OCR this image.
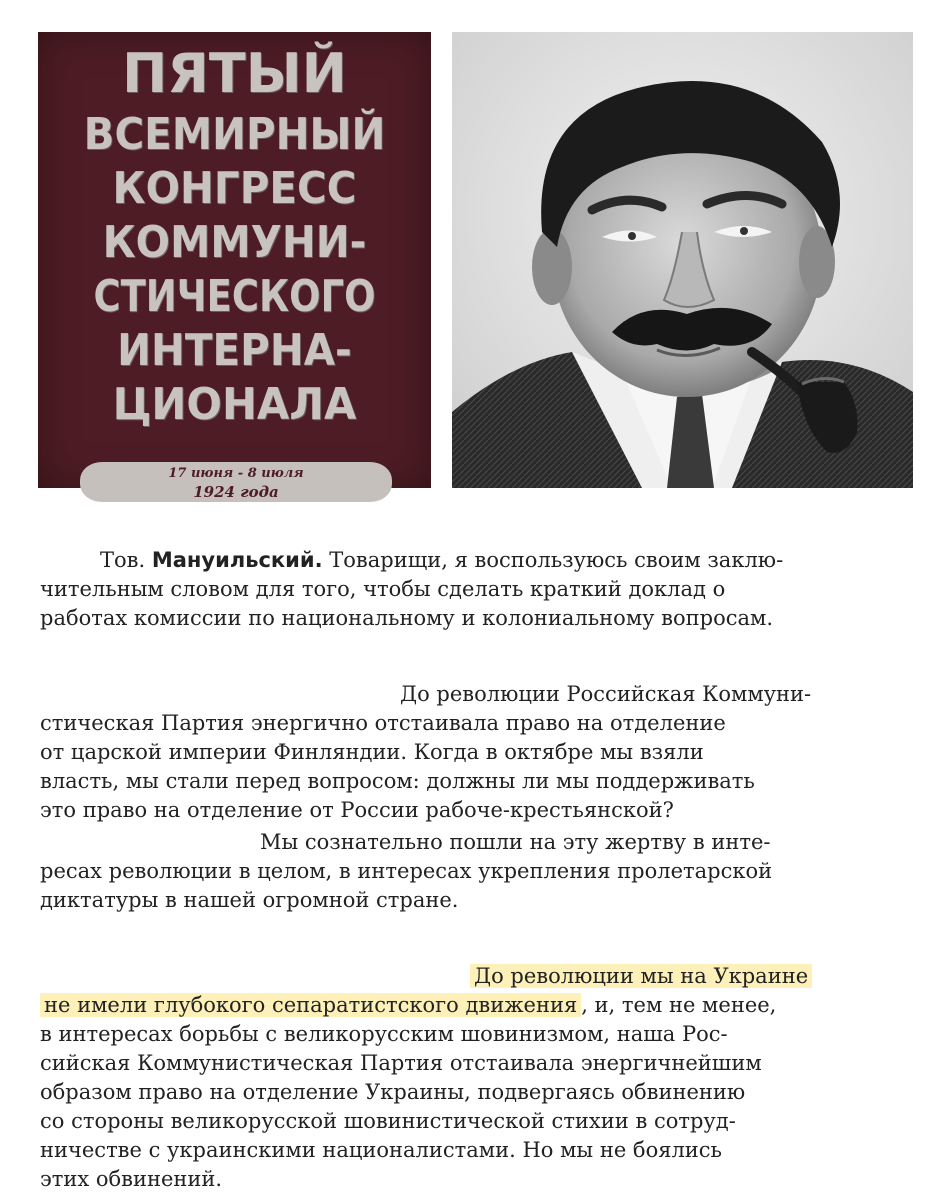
ПЯТЫЙ
ВСЕМИРНЫЙ
КОНГРЕСС
КОММУНИ-
СТИЧЕСКОГО
ИНТЕРНА-
ЦИОНАЛА
17 июня - 8 июля
1924 года
Тов. Мануильский. Товарищи, я воспользуюсь своим заклю-
чительным словом для того, чтобы сделать краткий доклад о
работах комиссии по национальному и колониальному вопросам.
До революции Российская Коммуни-
стическая Партия энергично отстаивала право на отделение
от царской империи Финляндии. Когда в октябре мы взяли
власть, мы стали перед вопросом: должны ли мы поддерживать
это право на отделение от России рабоче-крестьянской?
Мы сознательно пошли на эту жертву в инте-
ресах революции в целом, в интересах укрепления пролетарской
диктатуры в нашей огромной стране.
До революции мы на Украине
не имели глубокого сепаратистского движения , и, тем не менее,
в интересах борьбы с великорусским шовинизмом, наша Рос-
сийская Коммунистическая Партия отстаивала энергичнейшим
образом право на отделение Украины, подвергаясь обвинению
со стороны великорусской шовинистической стихии в сотруд-
ничестве с украинскими националистами. Но мы не боялись
этих обвинений.
